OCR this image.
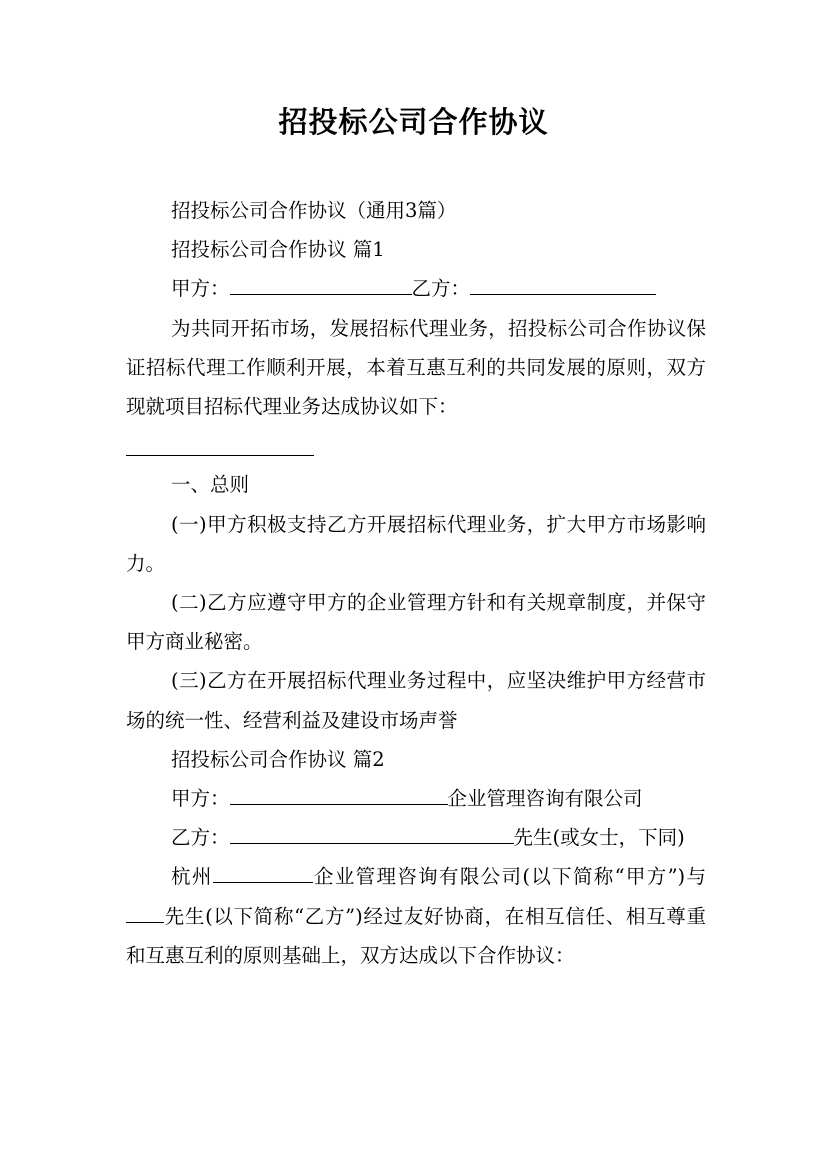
招投标公司合作协议

招投标公司合作协议（通用3篇）

招投标公司合作协议 篇1

甲方：	乙方：

为共同开拓市场，发展招标代理业务，招投标公司合作协议保证招标代理工作顺利开展，本着互惠互利的共同发展的原则，双方现就项目招标代理业务达成协议如下：

一、总则

(一)甲方积极支持乙方开展招标代理业务，扩大甲方市场影响力。

(二)乙方应遵守甲方的企业管理方针和有关规章制度，并保守甲方商业秘密。

(三)乙方在开展招标代理业务过程中，应坚决维护甲方经营市场的统一性、经营利益及建设市场声誉

招投标公司合作协议 篇2

甲方：	企业管理咨询有限公司

乙方：	先生(或女士，下同)

杭州	企业管理咨询有限公司(以下简称“甲方”)与先生(以下简称“乙方”)经过友好协商，在相互信任、相互尊重和互惠互利的原则基础上，双方达成以下合作协议：
